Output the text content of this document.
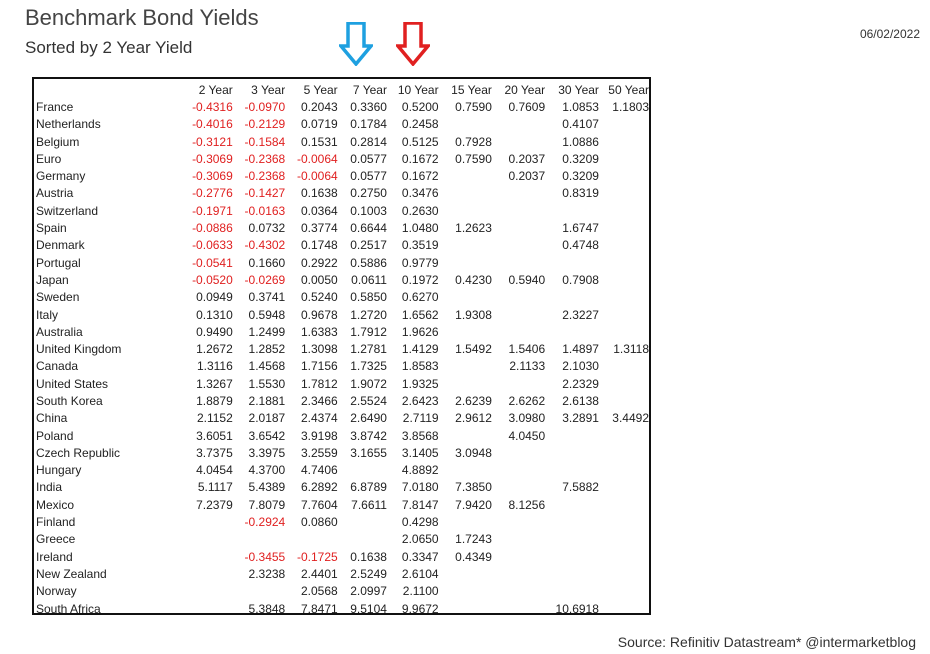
Benchmark Bond Yields
Sorted by 2 Year Yield
06/02/2022
	2 Year	3 Year	5 Year	7 Year	10 Year	15 Year	20 Year	30 Year	50 Year
France	-0.4316	-0.0970	0.2043	0.3360	0.5200	0.7590	0.7609	1.0853	1.1803
Netherlands	-0.4016	-0.2129	0.0719	0.1784	0.2458			0.4107	
Belgium	-0.3121	-0.1584	0.1531	0.2814	0.5125	0.7928		1.0886	
Euro	-0.3069	-0.2368	-0.0064	0.0577	0.1672	0.7590	0.2037	0.3209	
Germany	-0.3069	-0.2368	-0.0064	0.0577	0.1672		0.2037	0.3209	
Austria	-0.2776	-0.1427	0.1638	0.2750	0.3476			0.8319	
Switzerland	-0.1971	-0.0163	0.0364	0.1003	0.2630				
Spain	-0.0886	0.0732	0.3774	0.6644	1.0480	1.2623		1.6747	
Denmark	-0.0633	-0.4302	0.1748	0.2517	0.3519			0.4748	
Portugal	-0.0541	0.1660	0.2922	0.5886	0.9779				
Japan	-0.0520	-0.0269	0.0050	0.0611	0.1972	0.4230	0.5940	0.7908	
Sweden	0.0949	0.3741	0.5240	0.5850	0.6270				
Italy	0.1310	0.5948	0.9678	1.2720	1.6562	1.9308		2.3227	
Australia	0.9490	1.2499	1.6383	1.7912	1.9626				
United Kingdom	1.2672	1.2852	1.3098	1.2781	1.4129	1.5492	1.5406	1.4897	1.3118
Canada	1.3116	1.4568	1.7156	1.7325	1.8583		2.1133	2.1030	
United States	1.3267	1.5530	1.7812	1.9072	1.9325			2.2329	
South Korea	1.8879	2.1881	2.3466	2.5524	2.6423	2.6239	2.6262	2.6138	
China	2.1152	2.0187	2.4374	2.6490	2.7119	2.9612	3.0980	3.2891	3.4492
Poland	3.6051	3.6542	3.9198	3.8742	3.8568		4.0450		
Czech Republic	3.7375	3.3975	3.2559	3.1655	3.1405	3.0948			
Hungary	4.0454	4.3700	4.7406		4.8892				
India	5.1117	5.4389	6.2892	6.8789	7.0180	7.3850		7.5882	
Mexico	7.2379	7.8079	7.7604	7.6611	7.8147	7.9420	8.1256		
Finland		-0.2924	0.0860		0.4298				
Greece					2.0650	1.7243			
Ireland		-0.3455	-0.1725	0.1638	0.3347	0.4349			
New Zealand		2.3238	2.4401	2.5249	2.6104				
Norway			2.0568	2.0997	2.1100				
South Africa		5.3848	7.8471	9.5104	9.9672			10.6918	
Source: Refinitiv Datastream* @intermarketblog
